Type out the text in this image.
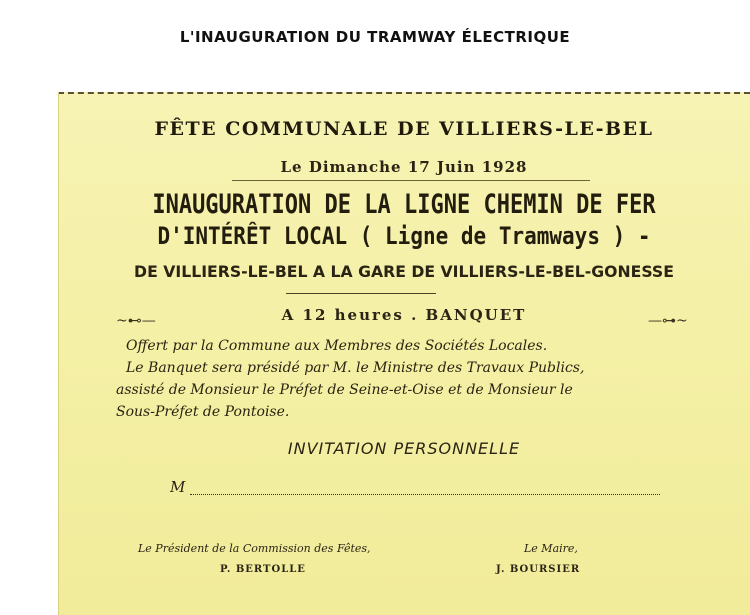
L'INAUGURATION DU TRAMWAY ÉLECTRIQUE
FÊTE COMMUNALE DE VILLIERS-LE-BEL
Le Dimanche 17 Juin 1928
INAUGURATION DE LA LIGNE CHEMIN DE FER
D'INTÉRÊT LOCAL ( Ligne de Tramways ) -
DE VILLIERS-LE-BEL A LA GARE DE VILLIERS-LE-BEL-GONESSE
~⊷—	A 12 heures . BANQUET	—⊶~
Offert par la Commune aux Membres des Sociétés Locales.
Le Banquet sera présidé par M. le Ministre des Travaux Publics,
assisté de Monsieur le Préfet de Seine-et-Oise et de Monsieur le
Sous-Préfet de Pontoise.
INVITATION PERSONNELLE
M
Le Président de la Commission des Fêtes,	Le Maire,
P. BERTOLLE	J. BOURSIER
